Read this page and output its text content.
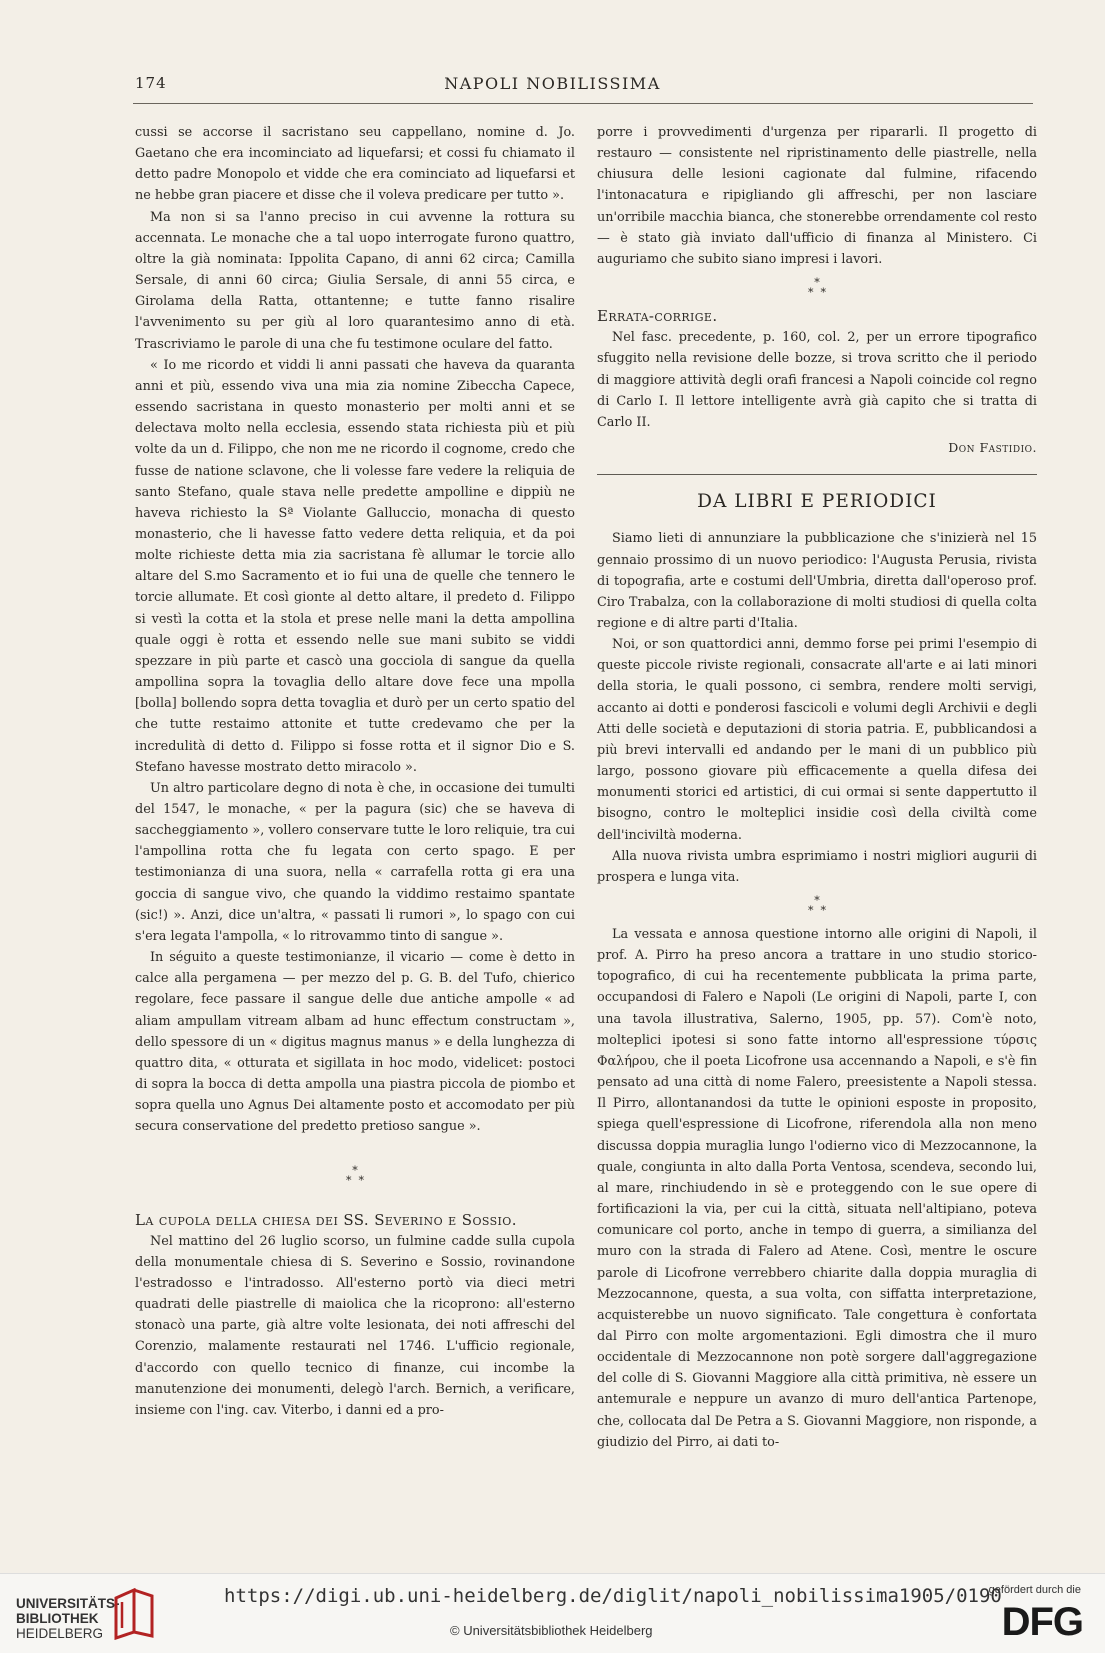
174	NAPOLI NOBILISSIMA

cussi se accorse il sacristano seu cappellano, nomine d. Jo. Gaetano che era incominciato ad liquefarsi; et cossi fu chiamato il detto padre Monopolo et vidde che era cominciato ad liquefarsi et ne hebbe gran piacere et disse che il voleva predicare per tutto ».

Ma non si sa l'anno preciso in cui avvenne la rottura su accennata. Le monache che a tal uopo interrogate furono quattro, oltre la già nominata: Ippolita Capano, di anni 62 circa; Camilla Sersale, di anni 60 circa; Giulia Sersale, di anni 55 circa, e Girolama della Ratta, ottantenne; e tutte fanno risalire l'avvenimento su per giù al loro quarantesimo anno di età. Trascriviamo le parole di una che fu testimone oculare del fatto.

« Io me ricordo et viddi li anni passati che haveva da quaranta anni et più, essendo viva una mia zia nomine Zibeccha Capece, essendo sacristana in questo monasterio per molti anni et se delectava molto nella ecclesia, essendo stata richiesta più et più volte da un d. Filippo, che non me ne ricordo il cognome, credo che fusse de natione sclavone, che li volesse fare vedere la reliquia de santo Stefano, quale stava nelle predette ampolline e dippiù ne haveva richiesto la Sª Violante Galluccio, monacha di questo monasterio, che li havesse fatto vedere detta reliquia, et da poi molte richieste detta mia zia sacristana fè allumar le torcie allo altare del S.mo Sacramento et io fui una de quelle che tennero le torcie allumate. Et così gionte al detto altare, il predeto d. Filippo si vestì la cotta et la stola et prese nelle mani la detta ampollina quale oggi è rotta et essendo nelle sue mani subito se viddi spezzare in più parte et cascò una gocciola di sangue da quella ampollina sopra la tovaglia dello altare dove fece una mpolla [bolla] bollendo sopra detta tovaglia et durò per un certo spatio del che tutte restaimo attonite et tutte credevamo che per la incredulità di detto d. Filippo si fosse rotta et il signor Dio e S. Stefano havesse mostrato detto miracolo ».

Un altro particolare degno di nota è che, in occasione dei tumulti del 1547, le monache, « per la pagura (sic) che se haveva di saccheggiamento », vollero conservare tutte le loro reliquie, tra cui l'ampollina rotta che fu legata con certo spago. E per testimonianza di una suora, nella « carrafella rotta gi era una goccia di sangue vivo, che quando la viddimo restaimo spantate (sic!) ». Anzi, dice un'altra, « passati li rumori », lo spago con cui s'era legata l'ampolla, « lo ritrovammo tinto di sangue ».

In séguito a queste testimonianze, il vicario — come è detto in calce alla pergamena — per mezzo del p. G. B. del Tufo, chierico regolare, fece passare il sangue delle due antiche ampolle « ad aliam ampullam vitream albam ad hunc effectum constructam », dello spessore di un « digitus magnus manus » e della lunghezza di quattro dita, « otturata et sigillata in hoc modo, videlicet: postoci di sopra la bocca di detta ampolla una piastra piccola de piombo et sopra quella uno Agnus Dei altamente posto et accomodato per più secura conservatione del predetto pretioso sangue ».

*
*  *
La cupola della chiesa dei SS. Severino e Sossio.

Nel mattino del 26 luglio scorso, un fulmine cadde sulla cupola della monumentale chiesa di S. Severino e Sossio, rovinandone l'estradosso e l'intradosso. All'esterno portò via dieci metri quadrati delle piastrelle di maiolica che la ricoprono: all'esterno stonacò una parte, già altre volte lesionata, dei noti affreschi del Corenzio, malamente restaurati nel 1746. L'ufficio regionale, d'accordo con quello tecnico di finanze, cui incombe la manutenzione dei monumenti, delegò l'arch. Bernich, a verificare, insieme con l'ing. cav. Viterbo, i danni ed a pro-

porre i provvedimenti d'urgenza per ripararli. Il progetto di restauro — consistente nel ripristinamento delle piastrelle, nella chiusura delle lesioni cagionate dal fulmine, rifacendo l'intonacatura e ripigliando gli affreschi, per non lasciare un'orribile macchia bianca, che stonerebbe orrendamente col resto — è stato già inviato dall'ufficio di finanza al Ministero. Ci auguriamo che subito siano impresi i lavori.

*
*  *
Errata-corrige.

Nel fasc. precedente, p. 160, col. 2, per un errore tipografico sfuggito nella revisione delle bozze, si trova scritto che il periodo di maggiore attività degli orafi francesi a Napoli coincide col regno di Carlo I. Il lettore intelligente avrà già capito che si tratta di Carlo II.

Don Fastidio.
DA LIBRI E PERIODICI

Siamo lieti di annunziare la pubblicazione che s'inizierà nel 15 gennaio prossimo di un nuovo periodico: l'Augusta Perusia, rivista di topografia, arte e costumi dell'Umbria, diretta dall'operoso prof. Ciro Trabalza, con la collaborazione di molti studiosi di quella colta regione e di altre parti d'Italia.

Noi, or son quattordici anni, demmo forse pei primi l'esempio di queste piccole riviste regionali, consacrate all'arte e ai lati minori della storia, le quali possono, ci sembra, rendere molti servigi, accanto ai dotti e ponderosi fascicoli e volumi degli Archivii e degli Atti delle società e deputazioni di storia patria. E, pubblicandosi a più brevi intervalli ed andando per le mani di un pubblico più largo, possono giovare più efficacemente a quella difesa dei monumenti storici ed artistici, di cui ormai si sente dappertutto il bisogno, contro le molteplici insidie così della civiltà come dell'inciviltà moderna.

Alla nuova rivista umbra esprimiamo i nostri migliori augurii di prospera e lunga vita.

*
*  *

La vessata e annosa questione intorno alle origini di Napoli, il prof. A. Pirro ha preso ancora a trattare in uno studio storico-topografico, di cui ha recentemente pubblicata la prima parte, occupandosi di Falero e Napoli (Le origini di Napoli, parte I, con una tavola illustrativa, Salerno, 1905, pp. 57). Com'è noto, molteplici ipotesi si sono fatte intorno all'espressione τύρσις Φαλήρου, che il poeta Licofrone usa accennando a Napoli, e s'è fin pensato ad una città di nome Falero, preesistente a Napoli stessa. Il Pirro, allontanandosi da tutte le opinioni esposte in proposito, spiega quell'espressione di Licofrone, riferendola alla non meno discussa doppia muraglia lungo l'odierno vico di Mezzocannone, la quale, congiunta in alto dalla Porta Ventosa, scendeva, secondo lui, al mare, rinchiudendo in sè e proteggendo con le sue opere di fortificazioni la via, per cui la città, situata nell'altipiano, poteva comunicare col porto, anche in tempo di guerra, a similianza del muro con la strada di Falero ad Atene. Così, mentre le oscure parole di Licofrone verrebbero chiarite dalla doppia muraglia di Mezzocannone, questa, a sua volta, con siffatta interpretazione, acquisterebbe un nuovo significato. Tale congettura è confortata dal Pirro con molte argomentazioni. Egli dimostra che il muro occidentale di Mezzocannone non potè sorgere dall'aggregazione del colle di S. Giovanni Maggiore alla città primitiva, nè essere un antemurale e neppure un avanzo di muro dell'antica Partenope, che, collocata dal De Petra a S. Giovanni Maggiore, non risponde, a giudizio del Pirro, ai dati to-

UNIVERSITÄTS-
BIBLIOTHEK
HEIDELBERG
https://digi.ub.uni-heidelberg.de/diglit/napoli_nobilissima1905/0190
© Universitätsbibliothek Heidelberg
gefördert durch die
DFG
